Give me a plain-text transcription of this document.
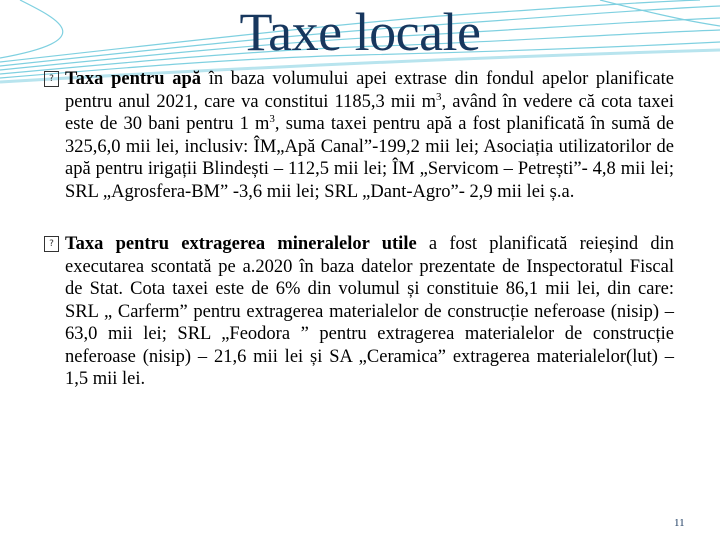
Taxe locale

? Taxa pentru apă în baza volumului apei extrase din fondul apelor planificate pentru anul 2021, care va constitui 1185,3 mii $m^3$, având în vedere că cota taxei este de 30 bani pentru 1 $m^3$, suma taxei pentru apă a fost planificată în sumă de 325,6,0 mii lei, inclusiv: ÎM„Apă Canal”-199,2 mii lei; Asociația utilizatorilor de apă pentru irigații Blindești – 112,5 mii lei; ÎM „Servicom – Petrești”- 4,8 mii lei; SRL „Agrosfera-BM” -3,6 mii lei; SRL „Dant-Agro”- 2,9 mii lei ș.a.

? Taxa pentru extragerea mineralelor utile a fost planificată reieșind din executarea scontată pe a.2020 în baza datelor prezentate de Inspectoratul Fiscal de Stat. Cota taxei este de 6% din volumul și constituie 86,1 mii lei, din care: SRL „ Carferm” pentru extragerea materialelor de construcție neferoase (nisip) – 63,0 mii lei; SRL „Feodora ” pentru extragerea materialelor de construcție neferoase (nisip) – 21,6 mii lei și SA „Ceramica” extragerea materialelor(lut) – 1,5 mii lei.

11
